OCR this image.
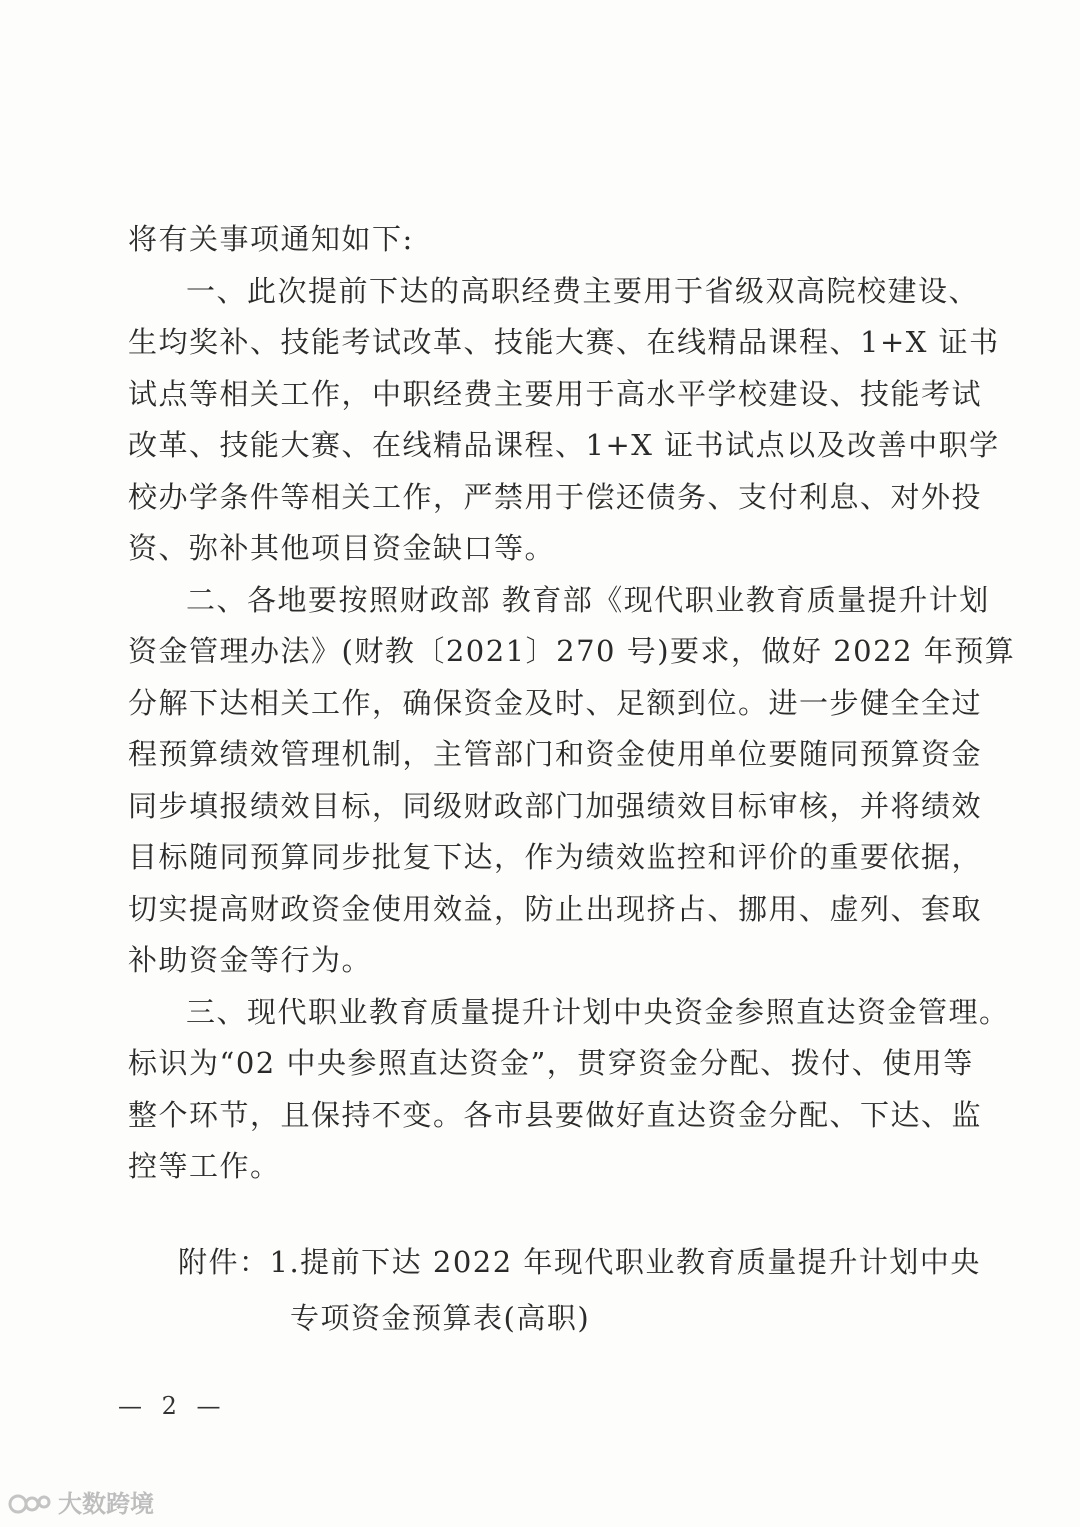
将有关事项通知如下:
一、此次提前下达的高职经费主要用于省级双高院校建设、
生均奖补、技能考试改革、技能大赛、在线精品课程、1+X 证书
试点等相关工作，中职经费主要用于高水平学校建设、技能考试
改革、技能大赛、在线精品课程、1+X 证书试点以及改善中职学
校办学条件等相关工作，严禁用于偿还债务、支付利息、对外投
资、弥补其他项目资金缺口等。
二、各地要按照财政部 教育部《现代职业教育质量提升计划
资金管理办法》(财教〔2021〕270 号)要求，做好 2022 年预算
分解下达相关工作，确保资金及时、足额到位。进一步健全全过
程预算绩效管理机制，主管部门和资金使用单位要随同预算资金
同步填报绩效目标，同级财政部门加强绩效目标审核，并将绩效
目标随同预算同步批复下达，作为绩效监控和评价的重要依据，
切实提高财政资金使用效益，防止出现挤占、挪用、虚列、套取
补助资金等行为。
三、现代职业教育质量提升计划中央资金参照直达资金管理。
标识为“02 中央参照直达资金”，贯穿资金分配、拨付、使用等
整个环节，且保持不变。各市县要做好直达资金分配、下达、监
控等工作。
附件：1.提前下达 2022 年现代职业教育质量提升计划中央
专项资金预算表(高职)
— 2 —
大数跨境
